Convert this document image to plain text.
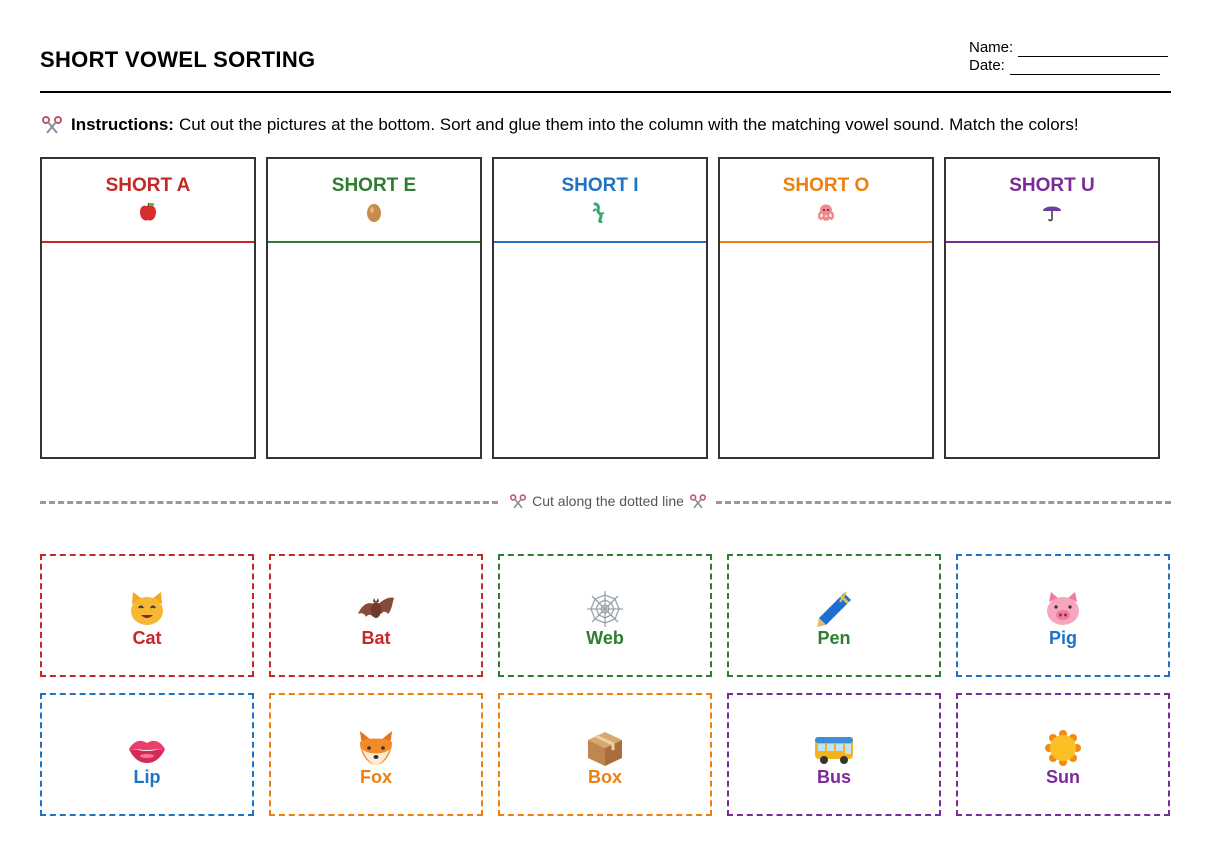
SHORT VOWEL SORTING	Name:
Date:
Instructions: Cut out the pictures at the bottom. Sort and glue them into the column with the matching vowel sound. Match the colors!
SHORT A	SHORT E	SHORT I	SHORT O	SHORT U
Cut along the dotted line
Cat	Bat	Web	Pen	Pig
Lip	Fox	Box	Bus	Sun
